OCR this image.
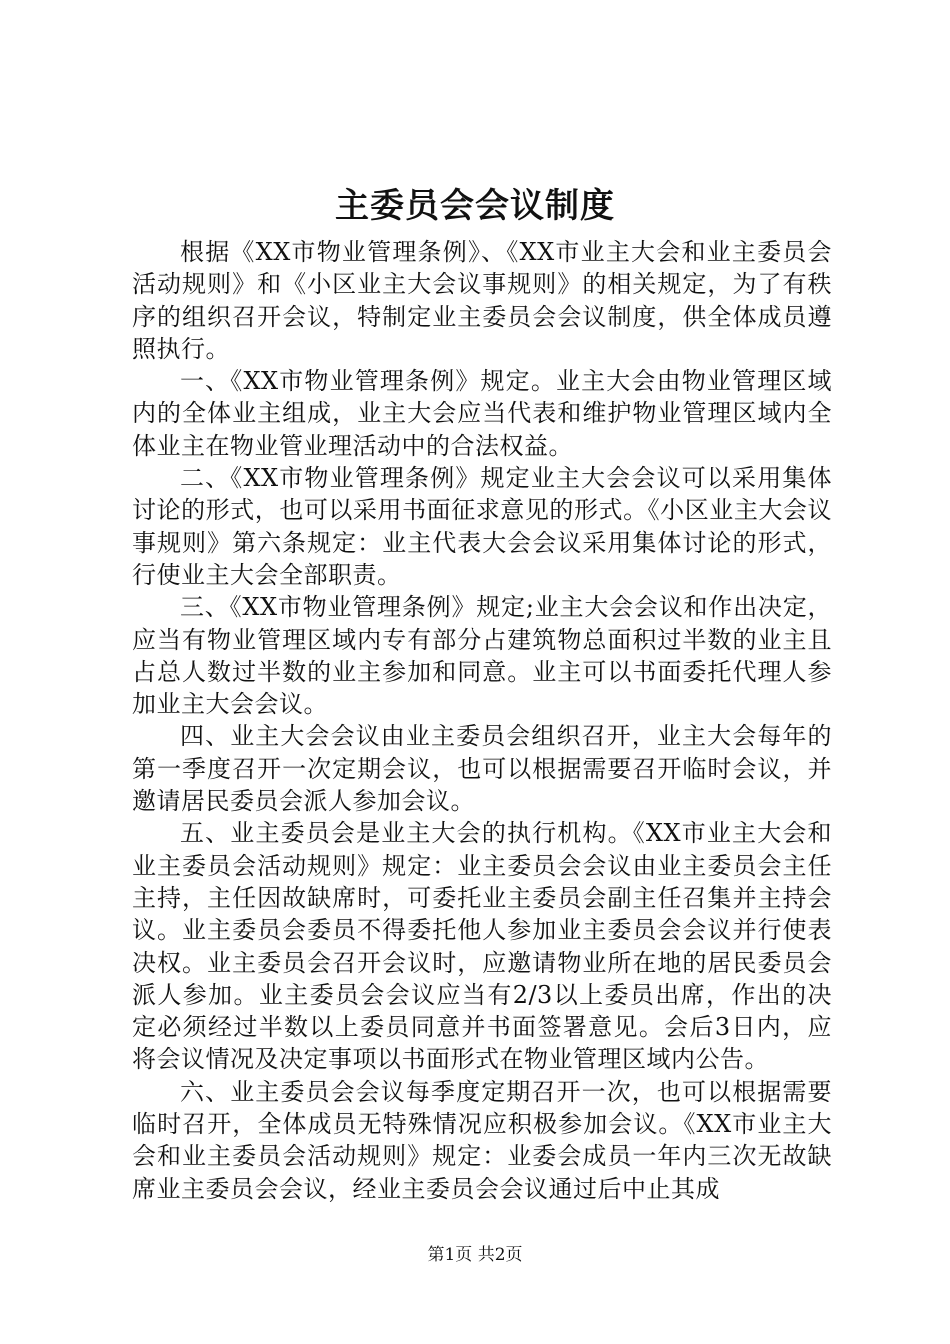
主委员会会议制度

根据《XX市物业管理条例》、《XX市业主大会和业主委员会活动规则》和《小区业主大会议事规则》的相关规定，为了有秩序的组织召开会议，特制定业主委员会会议制度，供全体成员遵照执行。

一、《XX市物业管理条例》规定。业主大会由物业管理区域内的全体业主组成，业主大会应当代表和维护物业管理区域内全体业主在物业管业理活动中的合法权益。

二、《XX市物业管理条例》规定业主大会会议可以采用集体讨论的形式，也可以采用书面征求意见的形式。《小区业主大会议事规则》第六条规定：业主代表大会会议采用集体讨论的形式，行使业主大会全部职责。

三、《XX市物业管理条例》规定;业主大会会议和作出决定，应当有物业管理区域内专有部分占建筑物总面积过半数的业主且占总人数过半数的业主参加和同意。业主可以书面委托代理人参加业主大会会议。

四、业主大会会议由业主委员会组织召开，业主大会每年的第一季度召开一次定期会议，也可以根据需要召开临时会议，并邀请居民委员会派人参加会议。

五、业主委员会是业主大会的执行机构。《XX市业主大会和业主委员会活动规则》规定：业主委员会会议由业主委员会主任主持，主任因故缺席时，可委托业主委员会副主任召集并主持会议。业主委员会委员不得委托他人参加业主委员会会议并行使表决权。业主委员会召开会议时，应邀请物业所在地的居民委员会派人参加。业主委员会会议应当有2/3以上委员出席，作出的决定必须经过半数以上委员同意并书面签署意见。会后3日内，应将会议情况及决定事项以书面形式在物业管理区域内公告。

六、业主委员会会议每季度定期召开一次，也可以根据需要临时召开，全体成员无特殊情况应积极参加会议。《XX市业主大会和业主委员会活动规则》规定：业委会成员一年内三次无故缺席业主委员会会议，经业主委员会会议通过后中止其成

第1页 共2页
